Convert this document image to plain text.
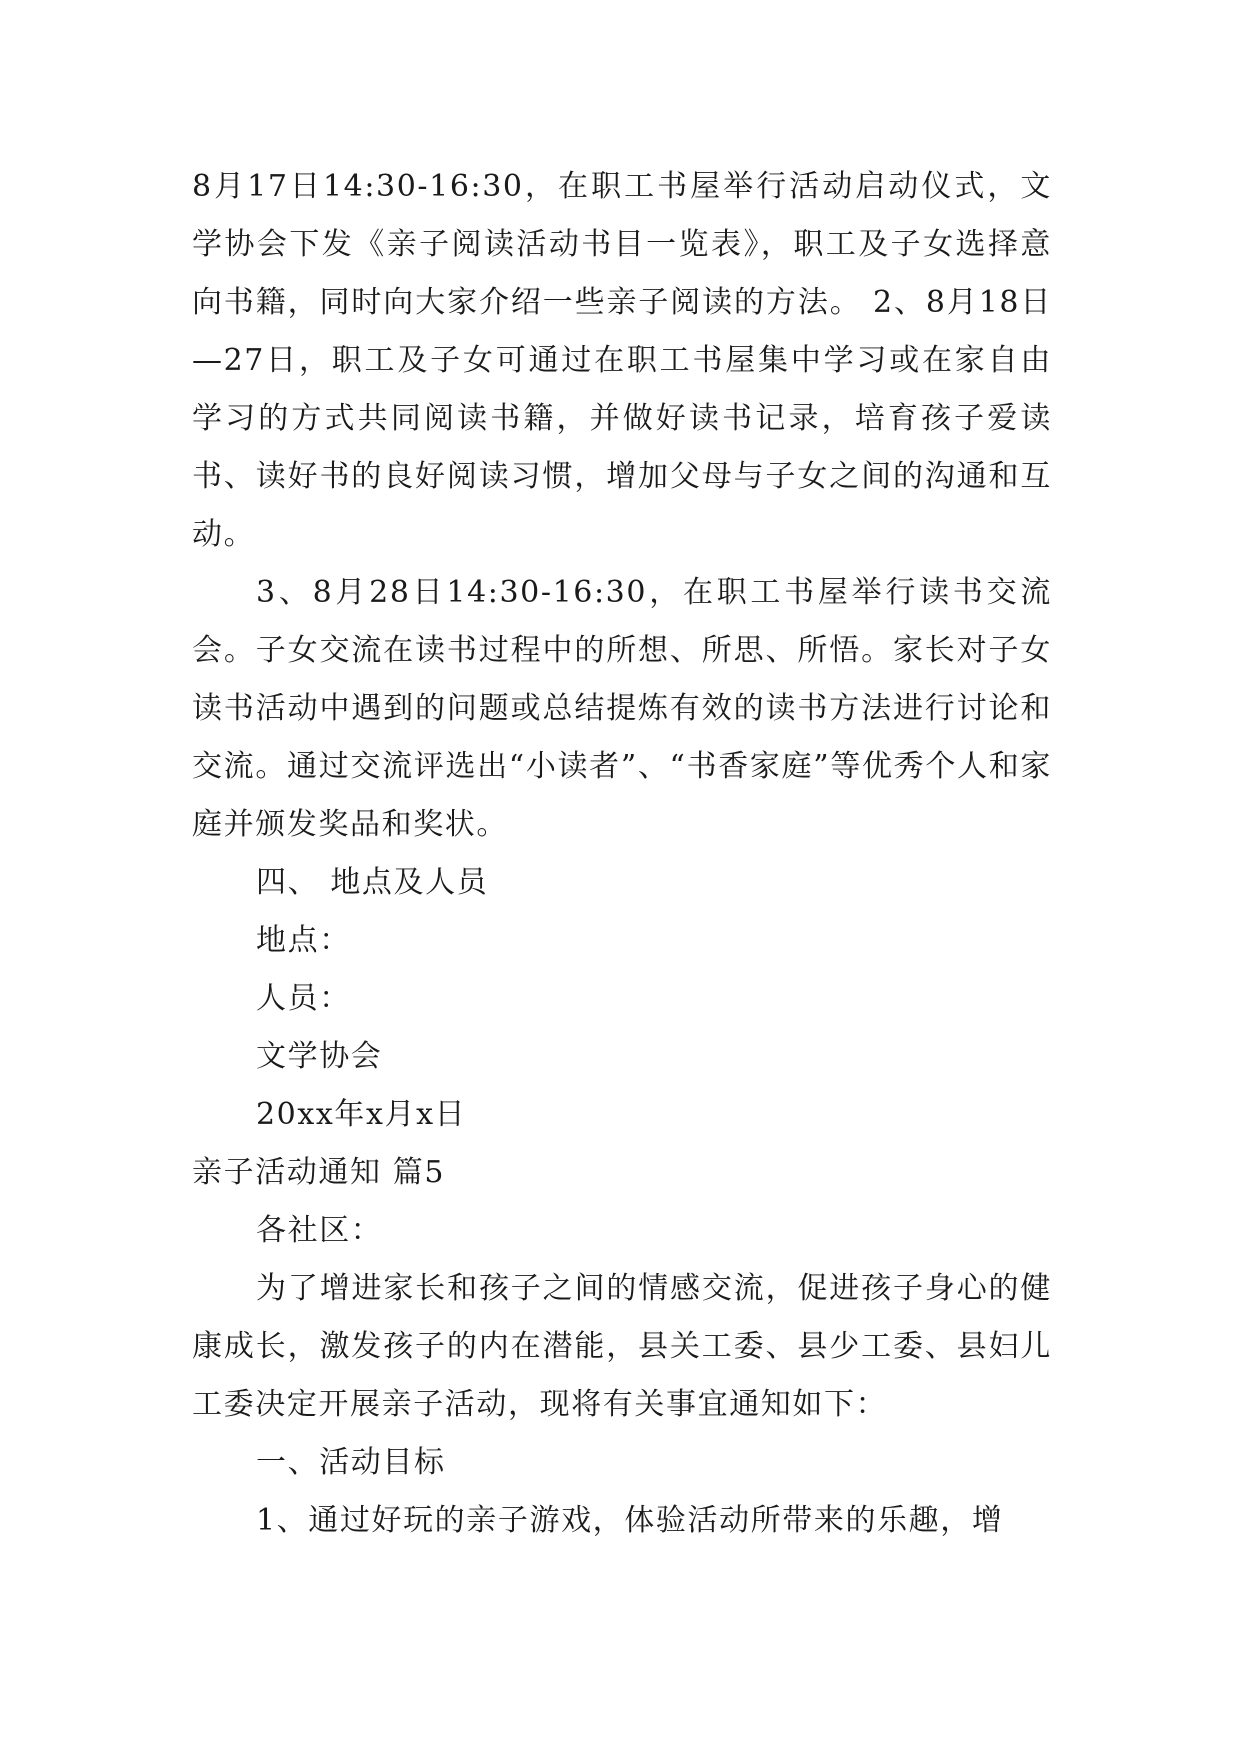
8月17日14:30-16:30，在职工书屋举行活动启动仪式，文学协会下发《亲子阅读活动书目一览表》，职工及子女选择意向书籍，同时向大家介绍一些亲子阅读的方法。 2、8月18日—27日，职工及子女可通过在职工书屋集中学习或在家自由学习的方式共同阅读书籍，并做好读书记录，培育孩子爱读书、读好书的良好阅读习惯，增加父母与子女之间的沟通和互动。

3、8月28日14:30-16:30，在职工书屋举行读书交流会。子女交流在读书过程中的所想、所思、所悟。家长对子女读书活动中遇到的问题或总结提炼有效的读书方法进行讨论和交流。通过交流评选出“小读者”、“书香家庭”等优秀个人和家庭并颁发奖品和奖状。

四、 地点及人员

地点：

人员：

文学协会

20xx年x月x日

亲子活动通知 篇5

各社区：

为了增进家长和孩子之间的情感交流，促进孩子身心的健康成长，激发孩子的内在潜能，县关工委、县少工委、县妇儿工委决定开展亲子活动，现将有关事宜通知如下：

一、活动目标

1、通过好玩的亲子游戏，体验活动所带来的乐趣，增
